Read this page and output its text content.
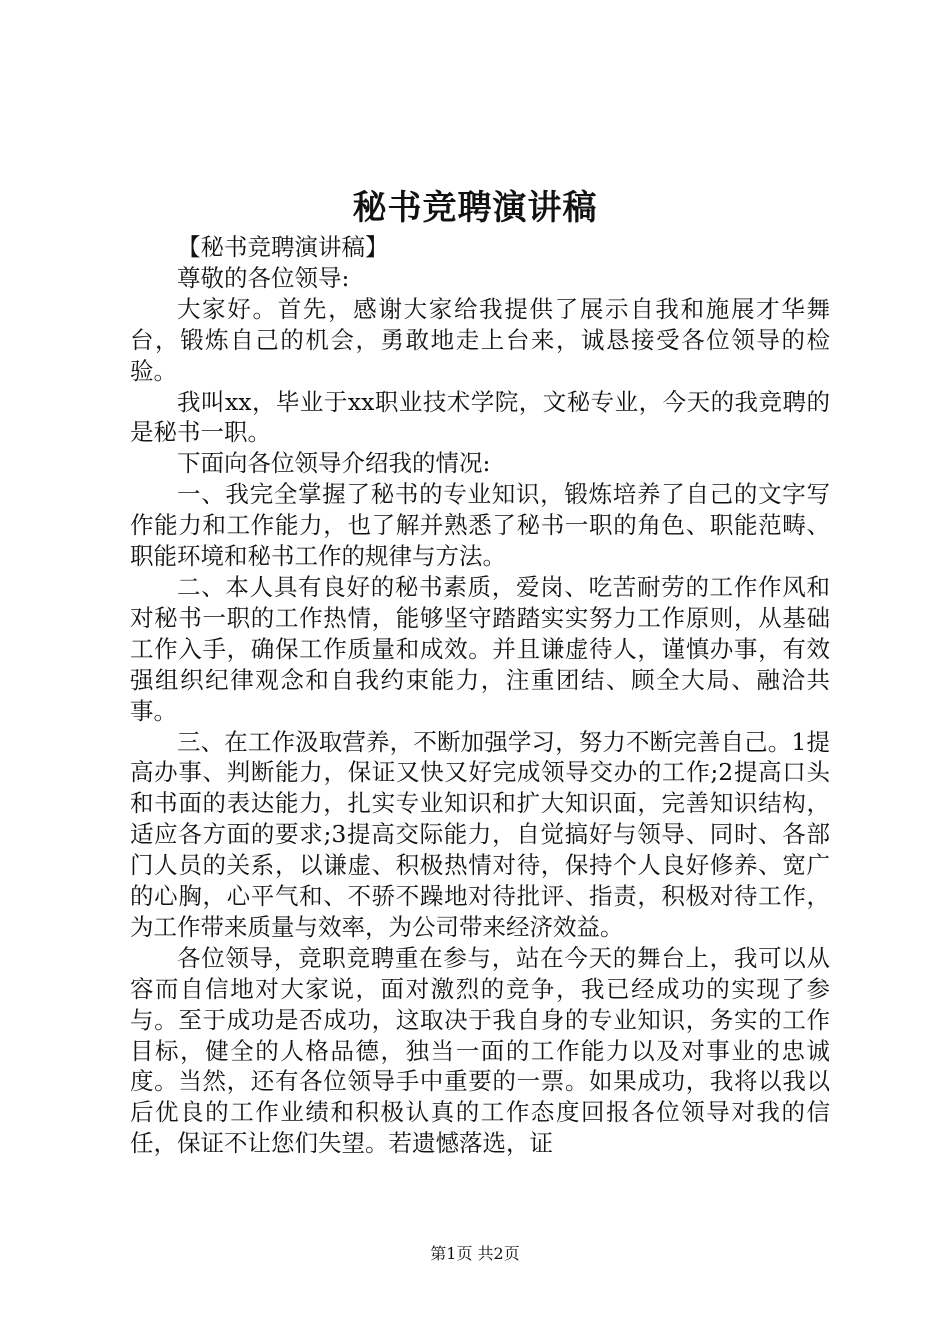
秘书竞聘演讲稿

【秘书竞聘演讲稿】

尊敬的各位领导:

大家好。首先，感谢大家给我提供了展示自我和施展才华舞台，锻炼自己的机会，勇敢地走上台来，诚恳接受各位领导的检验。

我叫xx，毕业于xx职业技术学院，文秘专业，今天的我竞聘的是秘书一职。

下面向各位领导介绍我的情况:

一、我完全掌握了秘书的专业知识，锻炼培养了自己的文字写作能力和工作能力，也了解并熟悉了秘书一职的角色、职能范畴、职能环境和秘书工作的规律与方法。

二、本人具有良好的秘书素质，爱岗、吃苦耐劳的工作作风和对秘书一职的工作热情，能够坚守踏踏实实努力工作原则，从基础工作入手，确保工作质量和成效。并且谦虚待人，谨慎办事，有效强组织纪律观念和自我约束能力，注重团结、顾全大局、融洽共事。

三、在工作汲取营养，不断加强学习，努力不断完善自己。1提高办事、判断能力，保证又快又好完成领导交办的工作;2提高口头和书面的表达能力，扎实专业知识和扩大知识面，完善知识结构，适应各方面的要求;3提高交际能力，自觉搞好与领导、同时、各部门人员的关系，以谦虚、积极热情对待，保持个人良好修养、宽广的心胸，心平气和、不骄不躁地对待批评、指责，积极对待工作，为工作带来质量与效率，为公司带来经济效益。

各位领导，竞职竞聘重在参与，站在今天的舞台上，我可以从容而自信地对大家说，面对激烈的竞争，我已经成功的实现了参与。至于成功是否成功，这取决于我自身的专业知识，务实的工作目标，健全的人格品德，独当一面的工作能力以及对事业的忠诚度。当然，还有各位领导手中重要的一票。如果成功，我将以我以后优良的工作业绩和积极认真的工作态度回报各位领导对我的信任，保证不让您们失望。若遗憾落选，证

第1页 共2页
